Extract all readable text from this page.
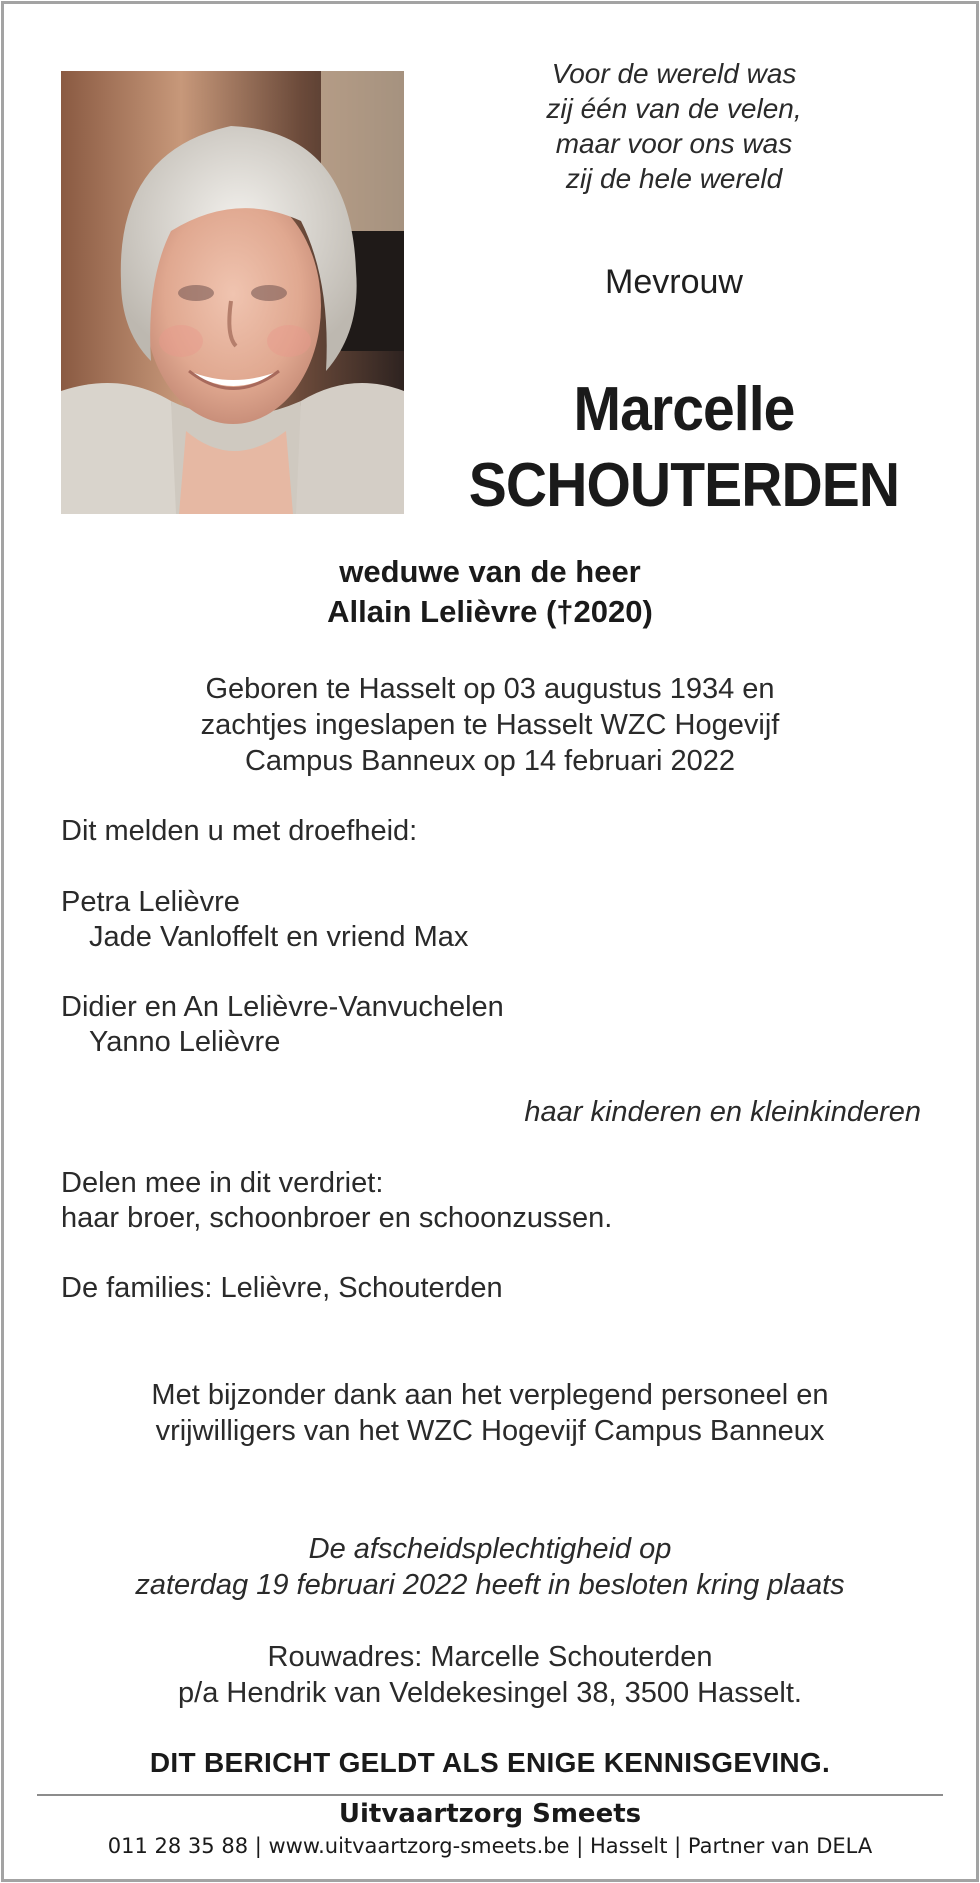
Voor de wereld was
zij één van de velen,
maar voor ons was
zij de hele wereld
Mevrouw
Marcelle
SCHOUTERDEN
weduwe van de heer
Allain Lelièvre (†2020)
Geboren te Hasselt op 03 augustus 1934 en
zachtjes ingeslapen te Hasselt WZC Hogevijf
Campus Banneux op 14 februari 2022
Dit melden u met droefheid:
Petra Lelièvre
Jade Vanloffelt en vriend Max
Didier en An Lelièvre-Vanvuchelen
Yanno Lelièvre
haar kinderen en kleinkinderen
Delen mee in dit verdriet:
haar broer, schoonbroer en schoonzussen.
De families: Lelièvre, Schouterden
Met bijzonder dank aan het verplegend personeel en
vrijwilligers van het WZC Hogevijf Campus Banneux
De afscheidsplechtigheid op
zaterdag 19 februari 2022 heeft in besloten kring plaats
Rouwadres: Marcelle Schouterden
p/a Hendrik van Veldekesingel 38, 3500 Hasselt.
DIT BERICHT GELDT ALS ENIGE KENNISGEVING.
Uitvaartzorg Smeets
011 28 35 88 | www.uitvaartzorg-smeets.be | Hasselt | Partner van DELA
